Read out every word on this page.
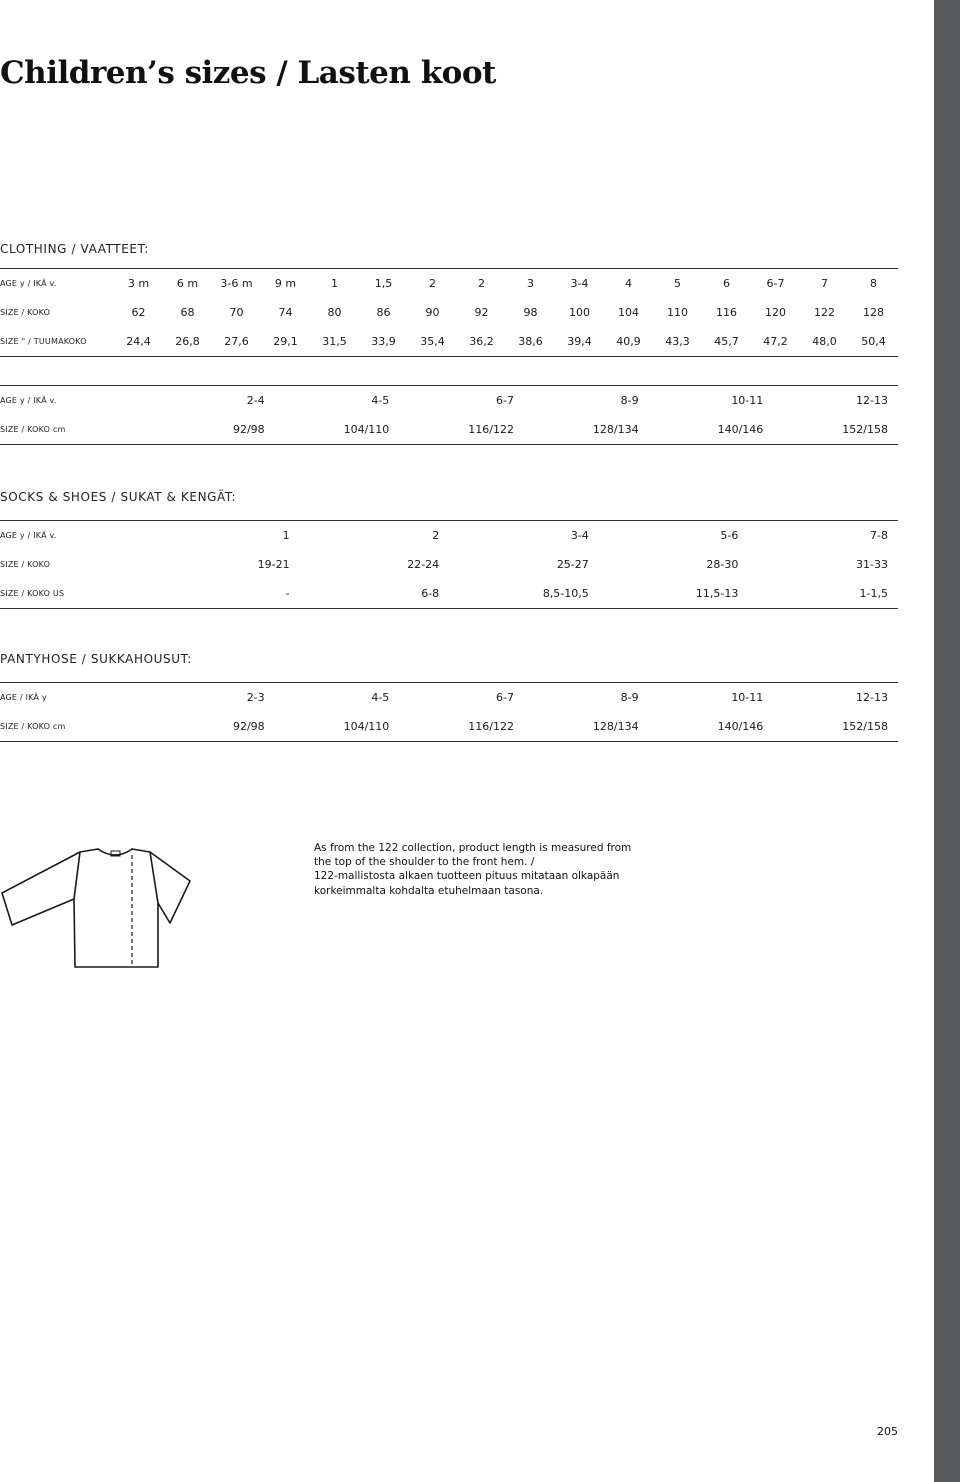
Children’s sizes / Lasten koot
CLOTHING / VAATTEET:
AGE y / IKÄ v.	3 m	6 m	3-6 m	9 m	1	1,5	2	2	3	3-4	4	5	6	6-7	7	8
SIZE / KOKO	62	68	70	74	80	86	90	92	98	100	104	110	116	120	122	128
SIZE " / TUUMAKOKO	24,4	26,8	27,6	29,1	31,5	33,9	35,4	36,2	38,6	39,4	40,9	43,3	45,7	47,2	48,0	50,4
AGE y / IKÄ v.	2-4	4-5	6-7	8-9	10-11	12-13
SIZE / KOKO cm	92/98	104/110	116/122	128/134	140/146	152/158
SOCKS & SHOES / SUKAT & KENGÄT:
AGE y / IKÄ v.	1	2	3-4	5-6	7-8
SIZE / KOKO	19-21	22-24	25-27	28-30	31-33
SIZE / KOKO US	-	6-8	8,5-10,5	11,5-13	1-1,5
PANTYHOSE / SUKKAHOUSUT:
AGE / IKÄ y	2-3	4-5	6-7	8-9	10-11	12-13
SIZE / KOKO cm	92/98	104/110	116/122	128/134	140/146	152/158

As from the 122 collection, product length is measured from the top of the shoulder to the front hem. /

122-mallistosta alkaen tuotteen pituus mitataan olkapään korkeimmalta kohdalta etuhelmaan tasona.

205
